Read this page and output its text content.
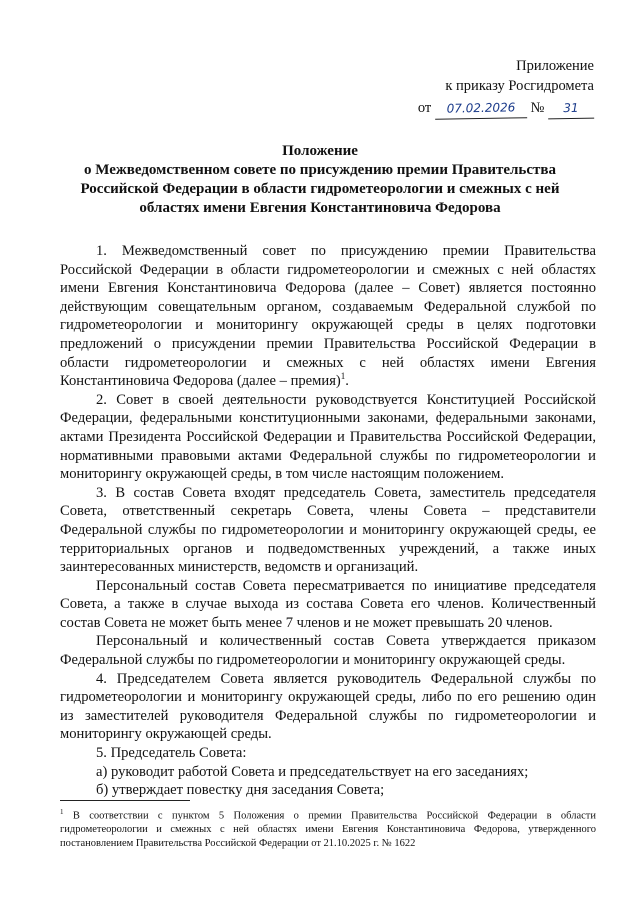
Приложение
к приказу Росгидромета
от 07.02.2026 № 31
Положение
о Межведомственном совете по присуждению премии Правительства Российской Федерации в области гидрометеорологии и смежных с ней областях имени Евгения Константиновича Федорова

1. Межведомственный совет по присуждению премии Правительства Российской Федерации в области гидрометеорологии и смежных с ней областях имени Евгения Константиновича Федорова (далее – Совет) является постоянно действующим совещательным органом, создаваемым Федеральной службой по гидрометеорологии и мониторингу окружающей среды в целях подготовки предложений о присуждении премии Правительства Российской Федерации в области гидрометеорологии и смежных с ней областях имени Евгения Константиновича Федорова (далее – премия)$^1$.

2. Совет в своей деятельности руководствуется Конституцией Российской Федерации, федеральными конституционными законами, федеральными законами, актами Президента Российской Федерации и Правительства Российской Федерации, нормативными правовыми актами Федеральной службы по гидрометеорологии и мониторингу окружающей среды, в том числе настоящим положением.

3. В состав Совета входят председатель Совета, заместитель председателя Совета, ответственный секретарь Совета, члены Совета – представители Федеральной службы по гидрометеорологии и мониторингу окружающей среды, ее территориальных органов и подведомственных учреждений, а также иных заинтересованных министерств, ведомств и организаций.

Персональный состав Совета пересматривается по инициативе председателя Совета, а также в случае выхода из состава Совета его членов. Количественный состав Совета не может быть менее 7 членов и не может превышать 20 членов.

Персональный и количественный состав Совета утверждается приказом Федеральной службы по гидрометеорологии и мониторингу окружающей среды.

4. Председателем Совета является руководитель Федеральной службы по гидрометеорологии и мониторингу окружающей среды, либо по его решению один из заместителей руководителя Федеральной службы по гидрометеорологии и мониторингу окружающей среды.

5. Председатель Совета:

а) руководит работой Совета и председательствует на его заседаниях;

б) утверждает повестку дня заседания Совета;

$^1$ В соответствии с пунктом 5 Положения о премии Правительства Российской Федерации в области гидрометеорологии и смежных с ней областях имени Евгения Константиновича Федорова, утвержденного постановлением Правительства Российской Федерации от 21.10.2025 г. № 1622
